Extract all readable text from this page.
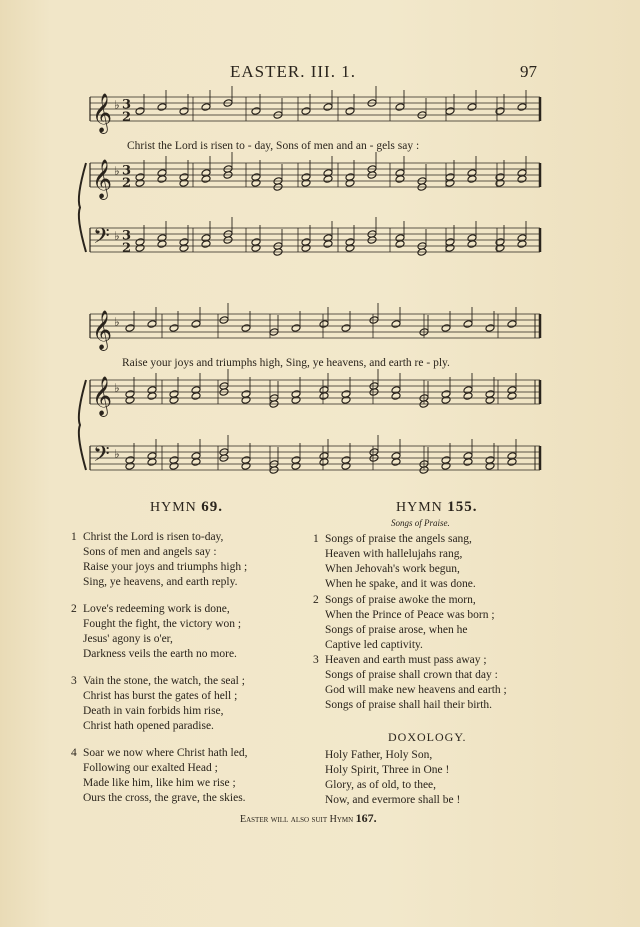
EASTER. III. 1.	97
𝄞 ♭ 3
2
𝄞 ♭ 3
2
𝄢 ♭ 3
2
𝄞 ♭
𝄞 ♭
𝄢 ♭
Christ the Lord is risen to - day, Sons of men and an - gels say :
Raise your joys and triumphs high, Sing, ye heavens, and earth re - ply.
HYMN 69.
1 Christ the Lord is risen to-day,
Sons of men and angels say :
Raise your joys and triumphs high ;
Sing, ye heavens, and earth reply.
2 Love's redeeming work is done,
Fought the fight, the victory won ;
Jesus' agony is o'er,
Darkness veils the earth no more.
3 Vain the stone, the watch, the seal ;
Christ has burst the gates of hell ;
Death in vain forbids him rise,
Christ hath opened paradise.
4 Soar we now where Christ hath led,
Following our exalted Head ;
Made like him, like him we rise ;
Ours the cross, the grave, the skies.
HYMN 155.
Songs of Praise.
1 Songs of praise the angels sang,
Heaven with hallelujahs rang,
When Jehovah's work begun,
When he spake, and it was done.
2 Songs of praise awoke the morn,
When the Prince of Peace was born ;
Songs of praise arose, when he
Captive led captivity.
3 Heaven and earth must pass away ;
Songs of praise shall crown that day :
God will make new heavens and earth ;
Songs of praise shall hail their birth.
DOXOLOGY.
Holy Father, Holy Son,
Holy Spirit, Three in One !
Glory, as of old, to thee,
Now, and evermore shall be !
Easter will also suit Hymn 167.
